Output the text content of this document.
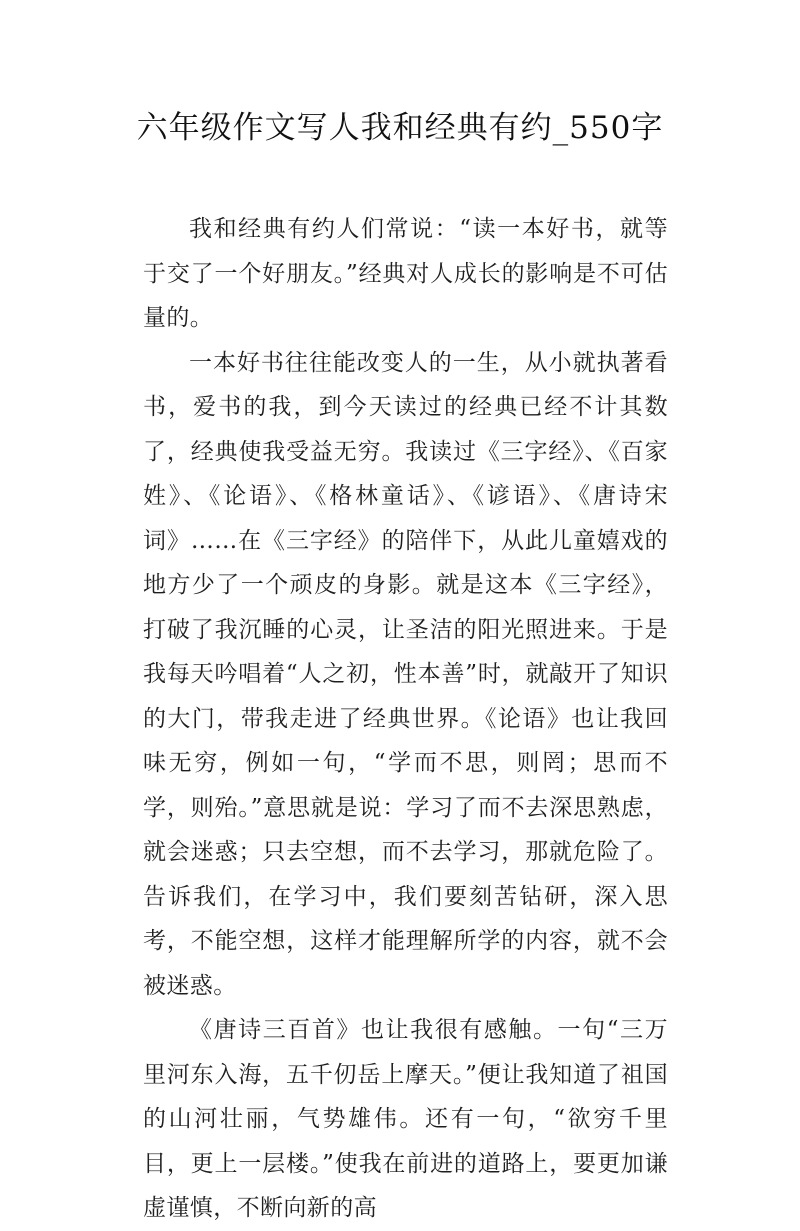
六年级作文写人我和经典有约_550字

我和经典有约人们常说：“读一本好书，就等于交了一个好朋友。”经典对人成长的影响是不可估量的。

一本好书往往能改变人的一生，从小就执著看书，爱书的我，到今天读过的经典已经不计其数了，经典使我受益无穷。我读过《三字经》、《百家姓》、《论语》、《格林童话》、《谚语》、《唐诗宋词》……在《三字经》的陪伴下，从此儿童嬉戏的地方少了一个顽皮的身影。就是这本《三字经》，打破了我沉睡的心灵，让圣洁的阳光照进来。于是我每天吟唱着“人之初，性本善”时，就敲开了知识的大门，带我走进了经典世界。《论语》也让我回味无穷，例如一句，“学而不思，则罔；思而不学，则殆。”意思就是说：学习了而不去深思熟虑，就会迷惑；只去空想，而不去学习，那就危险了。告诉我们，在学习中，我们要刻苦钻研，深入思考，不能空想，这样才能理解所学的内容，就不会被迷惑。

《唐诗三百首》也让我很有感触。一句“三万里河东入海，五千仞岳上摩天。”便让我知道了祖国的山河壮丽，气势雄伟。还有一句，“欲穷千里目，更上一层楼。”使我在前进的道路上，要更加谦虚谨慎，不断向新的高
